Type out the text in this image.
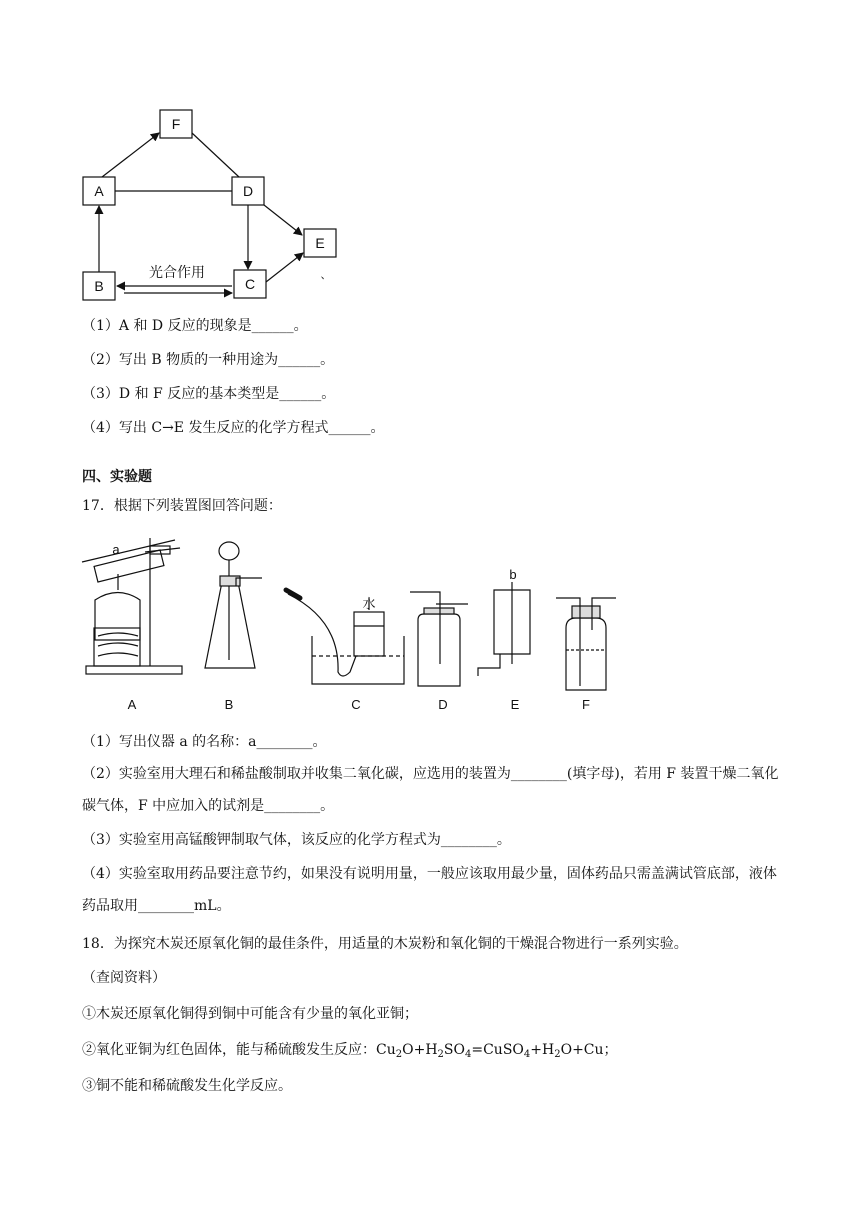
F
A	D
E
B	C
光合作用	、
（1）A 和 D 反应的现象是______。
（2）写出 B 物质的一种用途为______。
（3）D 和 F 反应的基本类型是______。
（4）写出 C→E 发生反应的化学方程式______。
四、实验题
17．根据下列装置图回答问题：
a
b
水
A	B	C	D	E	F
（1）写出仪器 a 的名称：a________。
（2）实验室用大理石和稀盐酸制取并收集二氧化碳，应选用的装置为________(填字母)，若用 F 装置干燥二氧化碳气体，F 中应加入的试剂是________。
（3）实验室用高锰酸钾制取气体，该反应的化学方程式为________。
（4）实验室取用药品要注意节约，如果没有说明用量，一般应该取用最少量，固体药品只需盖满试管底部，液体药品取用________mL。
18．为探究木炭还原氧化铜的最佳条件，用适量的木炭粉和氧化铜的干燥混合物进行一系列实验。
（查阅资料）
①木炭还原氧化铜得到铜中可能含有少量的氧化亚铜；
②氧化亚铜为红色固体，能与稀硫酸发生反应：$Cu_2O+H_2SO_4=CuSO_4+H_2O+Cu$；
③铜不能和稀硫酸发生化学反应。
